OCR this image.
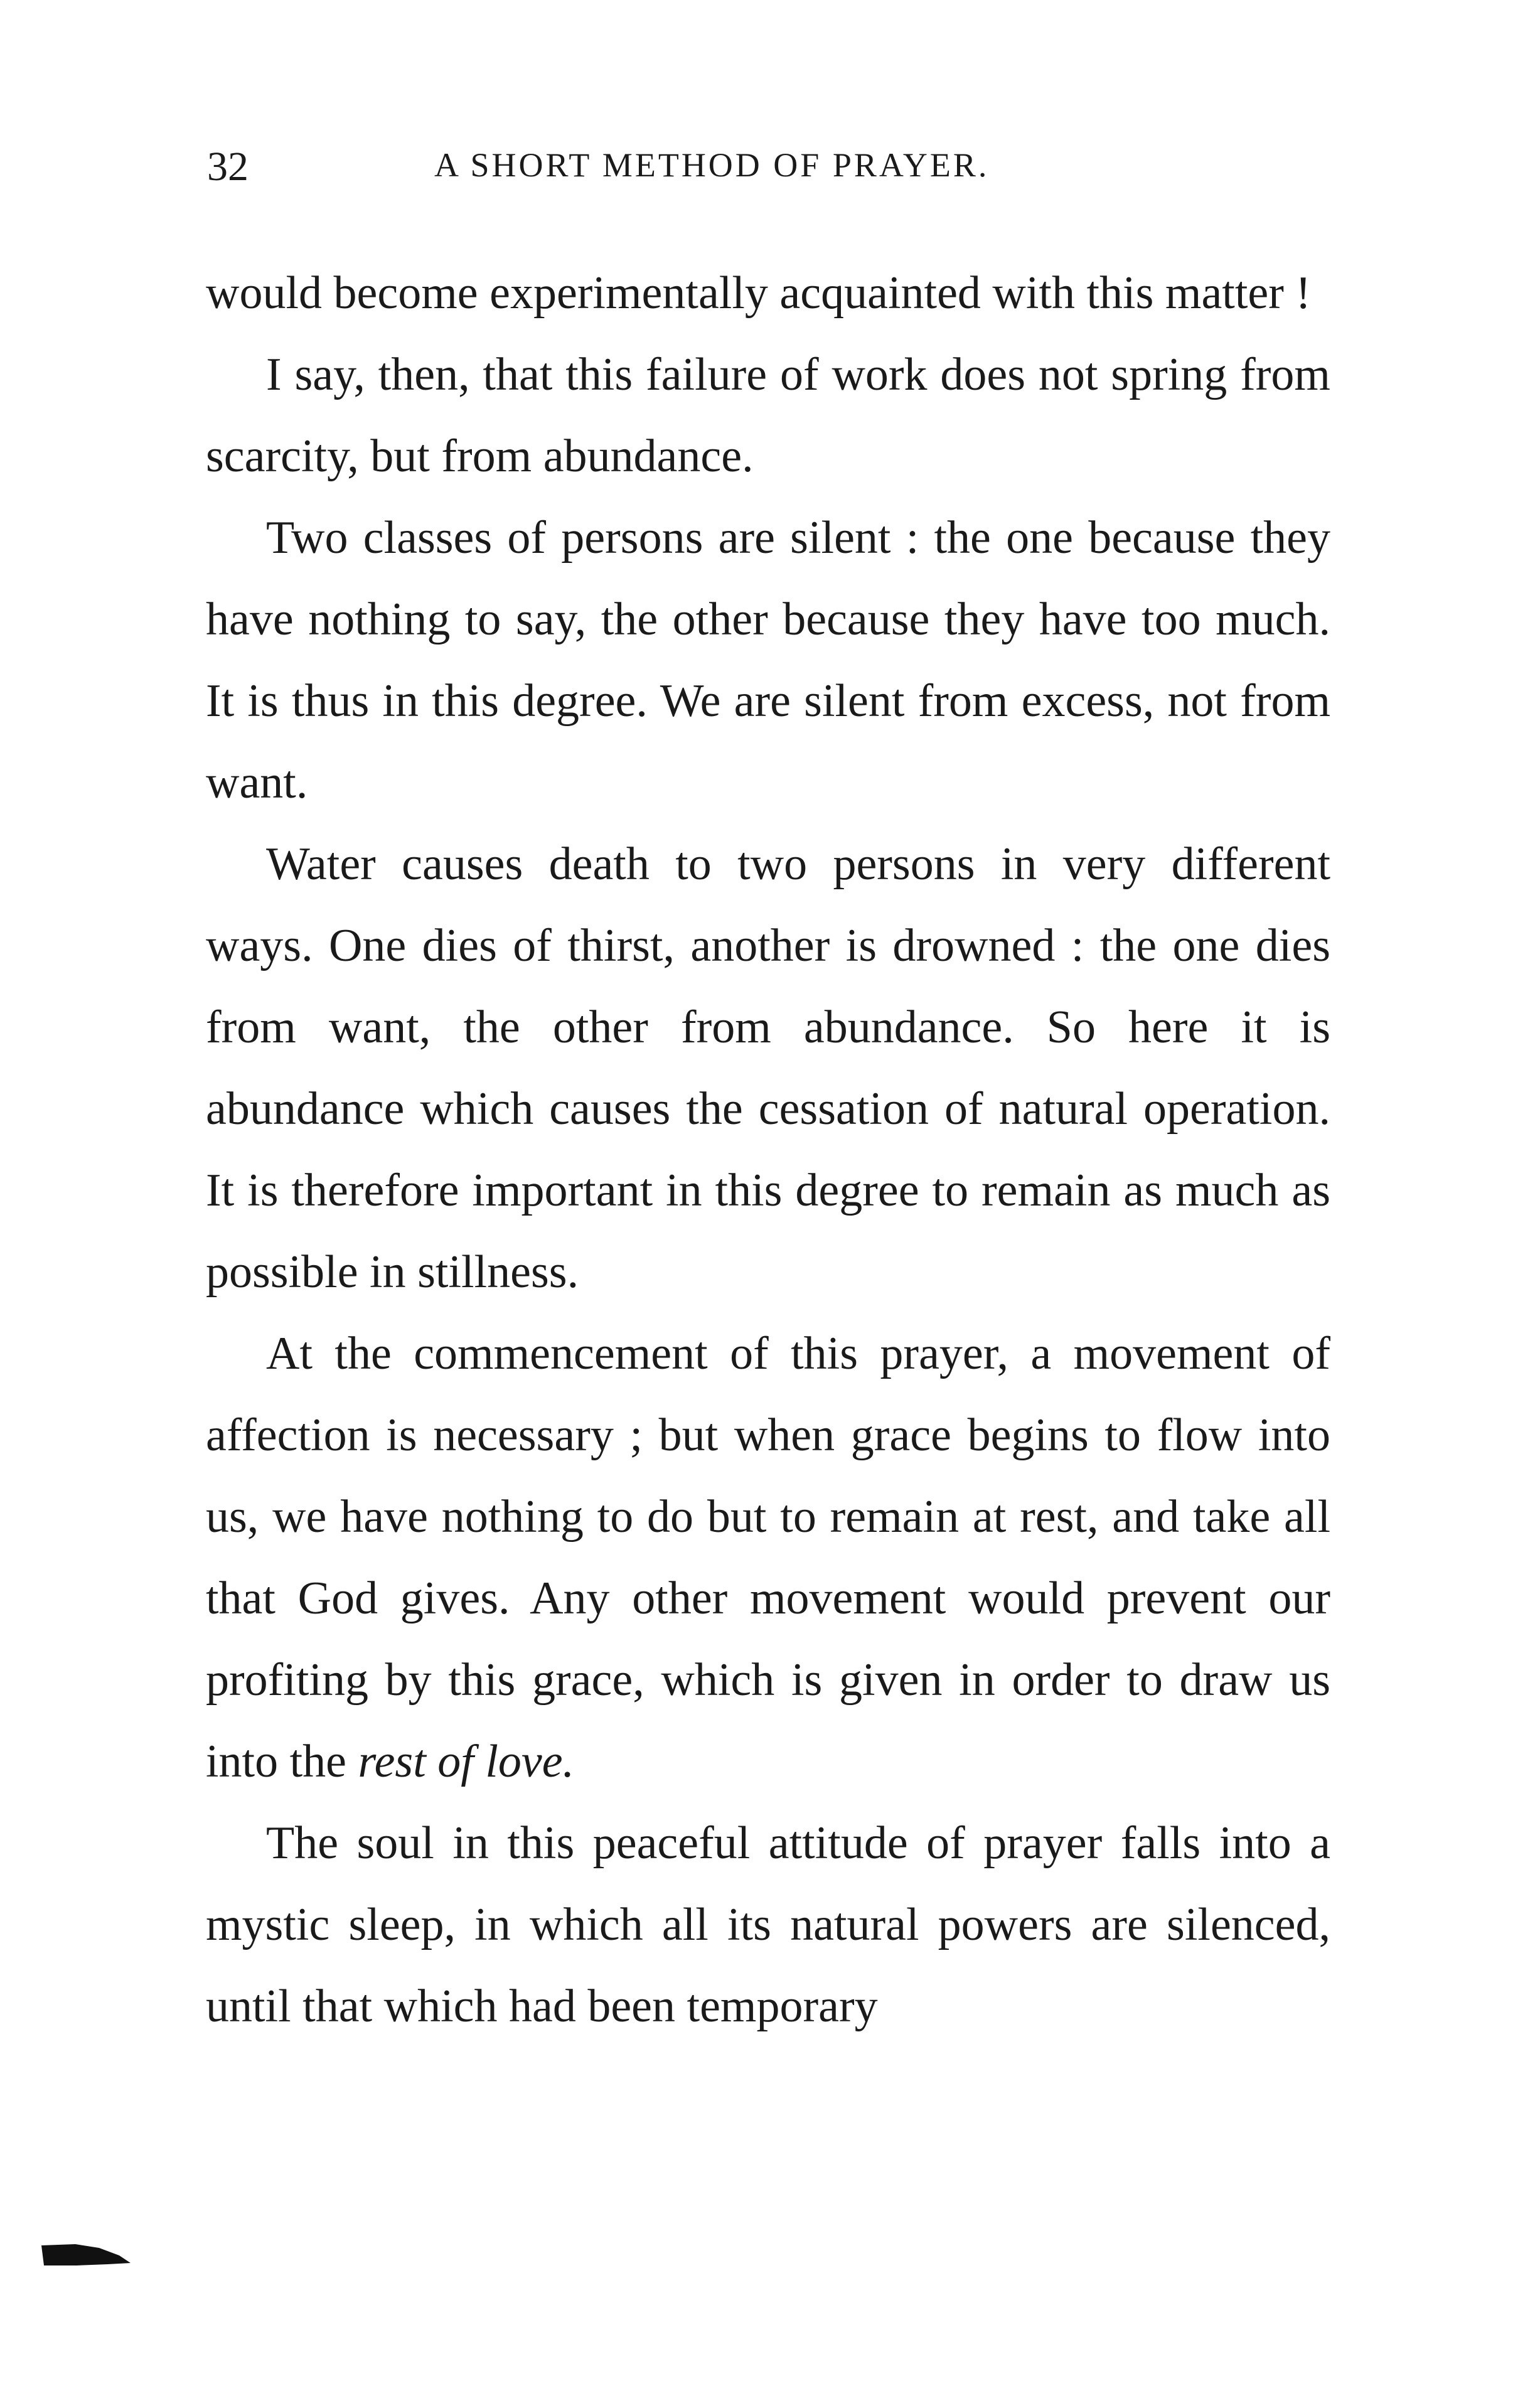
32	A SHORT METHOD OF PRAYER.

would become experimentally acquainted with this matter !

I say, then, that this failure of work does not spring from scarcity, but from abundance.

Two classes of persons are silent : the one because they have nothing to say, the other because they have too much. It is thus in this degree. We are silent from excess, not from want.

Water causes death to two persons in very different ways. One dies of thirst, another is drowned : the one dies from want, the other from abundance. So here it is abundance which causes the cessation of natural operation. It is therefore important in this degree to remain as much as possible in stillness.

At the commencement of this prayer, a movement of affection is necessary ; but when grace begins to flow into us, we have nothing to do but to remain at rest, and take all that God gives. Any other movement would prevent our profiting by this grace, which is given in order to draw us into the rest of love.

The soul in this peaceful attitude of prayer falls into a mystic sleep, in which all its natural powers are silenced, until that which had been temporary
